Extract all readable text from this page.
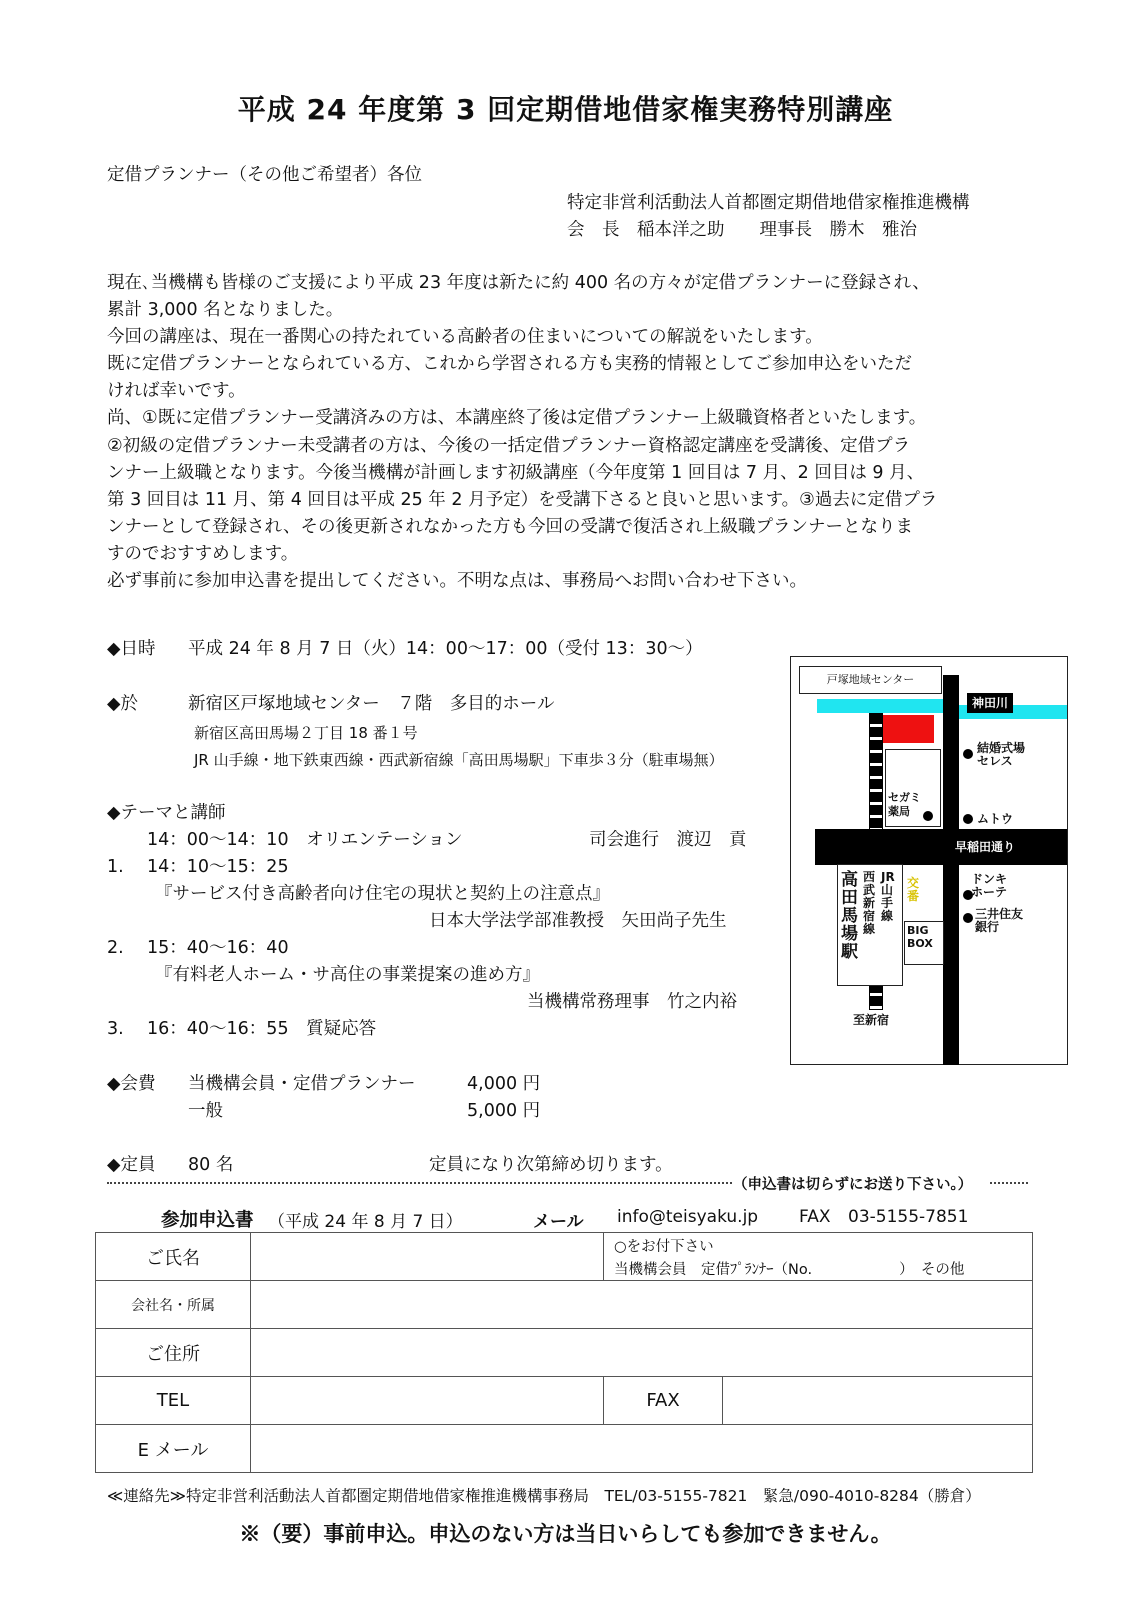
平成 24 年度第 3 回定期借地借家権実務特別講座
定借プランナー（その他ご希望者）各位
特定非営利活動法人首都圏定期借地借家権推進機構
会　長　稲本洋之助　　理事長　勝木　雅治
現在､当機構も皆様のご支援により平成 23 年度は新たに約 400 名の方々が定借プランナーに登録され、
累計 3,000 名となりました。
今回の講座は、現在一番関心の持たれている高齢者の住まいについての解説をいたします。
既に定借プランナーとなられている方、これから学習される方も実務的情報としてご参加申込をいただ
ければ幸いです。
尚、①既に定借プランナー受講済みの方は、本講座終了後は定借プランナー上級職資格者といたします。
②初級の定借プランナー未受講者の方は、今後の一括定借プランナー資格認定講座を受講後、定借プラ
ンナー上級職となります。今後当機構が計画します初級講座（今年度第 1 回目は 7 月、2 回目は 9 月、
第 3 回目は 11 月、第 4 回目は平成 25 年 2 月予定）を受講下さると良いと思います。③過去に定借プラ
ンナーとして登録され、その後更新されなかった方も今回の受講で復活され上級職プランナーとなりま
すのでおすすめします。
必ず事前に参加申込書を提出してください。不明な点は、事務局へお問い合わせ下さい。
◆日時 平成 24 年 8 月 7 日（火）14：00～17：00（受付 13：30～）
◆於	新宿区戸塚地域センター　７階　多目的ホール
新宿区高田馬場２丁目 18 番１号
JR 山手線・地下鉄東西線・西武新宿線「高田馬場駅」下車歩３分（駐車場無）
◆テーマと講師
14：00～14：10　オリエンテーション	司会進行　渡辺　貢
1. 14：10～15：25
『サービス付き高齢者向け住宅の現状と契約上の注意点』
日本大学法学部准教授　矢田尚子先生
2. 15：40～16：40
『有料老人ホーム・サ高住の事業提案の進め方』
当機構常務理事　竹之内裕
3. 16：40～16：55　質疑応答
◆会費 当機構会員・定借プランナー	4,000 円
一般	5,000 円
◆定員 80 名	定員になり次第締め切ります。
（申込書は切らずにお送り下さい。）
参加申込書 （平成 24 年 8 月 7 日）	メール info@teisyaku.jp FAX 03-5155-7851
ご氏名		○をお付下さい
当機構会員　定借ﾌﾟﾗﾝﾅｰ（No.　　　　　　）　その他	

会社名・所属			
ご住所			
TEL		FAX	
E メール			
≪連絡先≫特定非営利活動法人首都圏定期借地借家権推進機構事務局　TEL/03-5155-7821　緊急/090-4010-8284（勝倉）
※（要）事前申込。申込のない方は当日いらしても参加できません。
神田川
戸塚地域センター
早稲田通り
セガミ
薬局
結婚式場
セレス
ムトウ
高田馬場駅
西武新宿線
JR山手線
交番
BIG
BOX
ドンキ
ホーテ
三井住友
銀行
至新宿
